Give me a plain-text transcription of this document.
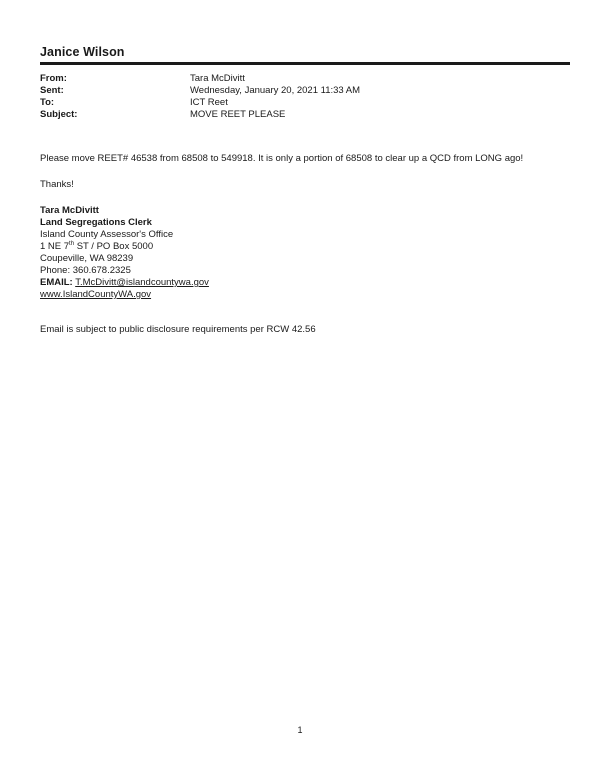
Janice Wilson
From:	Tara McDivitt
Sent:	Wednesday, January 20, 2021 11:33 AM
To:	ICT Reet
Subject:	MOVE REET PLEASE
Please move REET# 46538 from 68508 to 549918. It is only a portion of 68508 to clear up a QCD from LONG ago!
Thanks!
Tara McDivitt
Land Segregations Clerk
Island County Assessor's Office
1 NE 7th ST / PO Box 5000
Coupeville, WA 98239
Phone: 360.678.2325
EMAIL: T.McDivitt@islandcountywa.gov
www.IslandCountyWA.gov
Email is subject to public disclosure requirements per RCW 42.56
1
